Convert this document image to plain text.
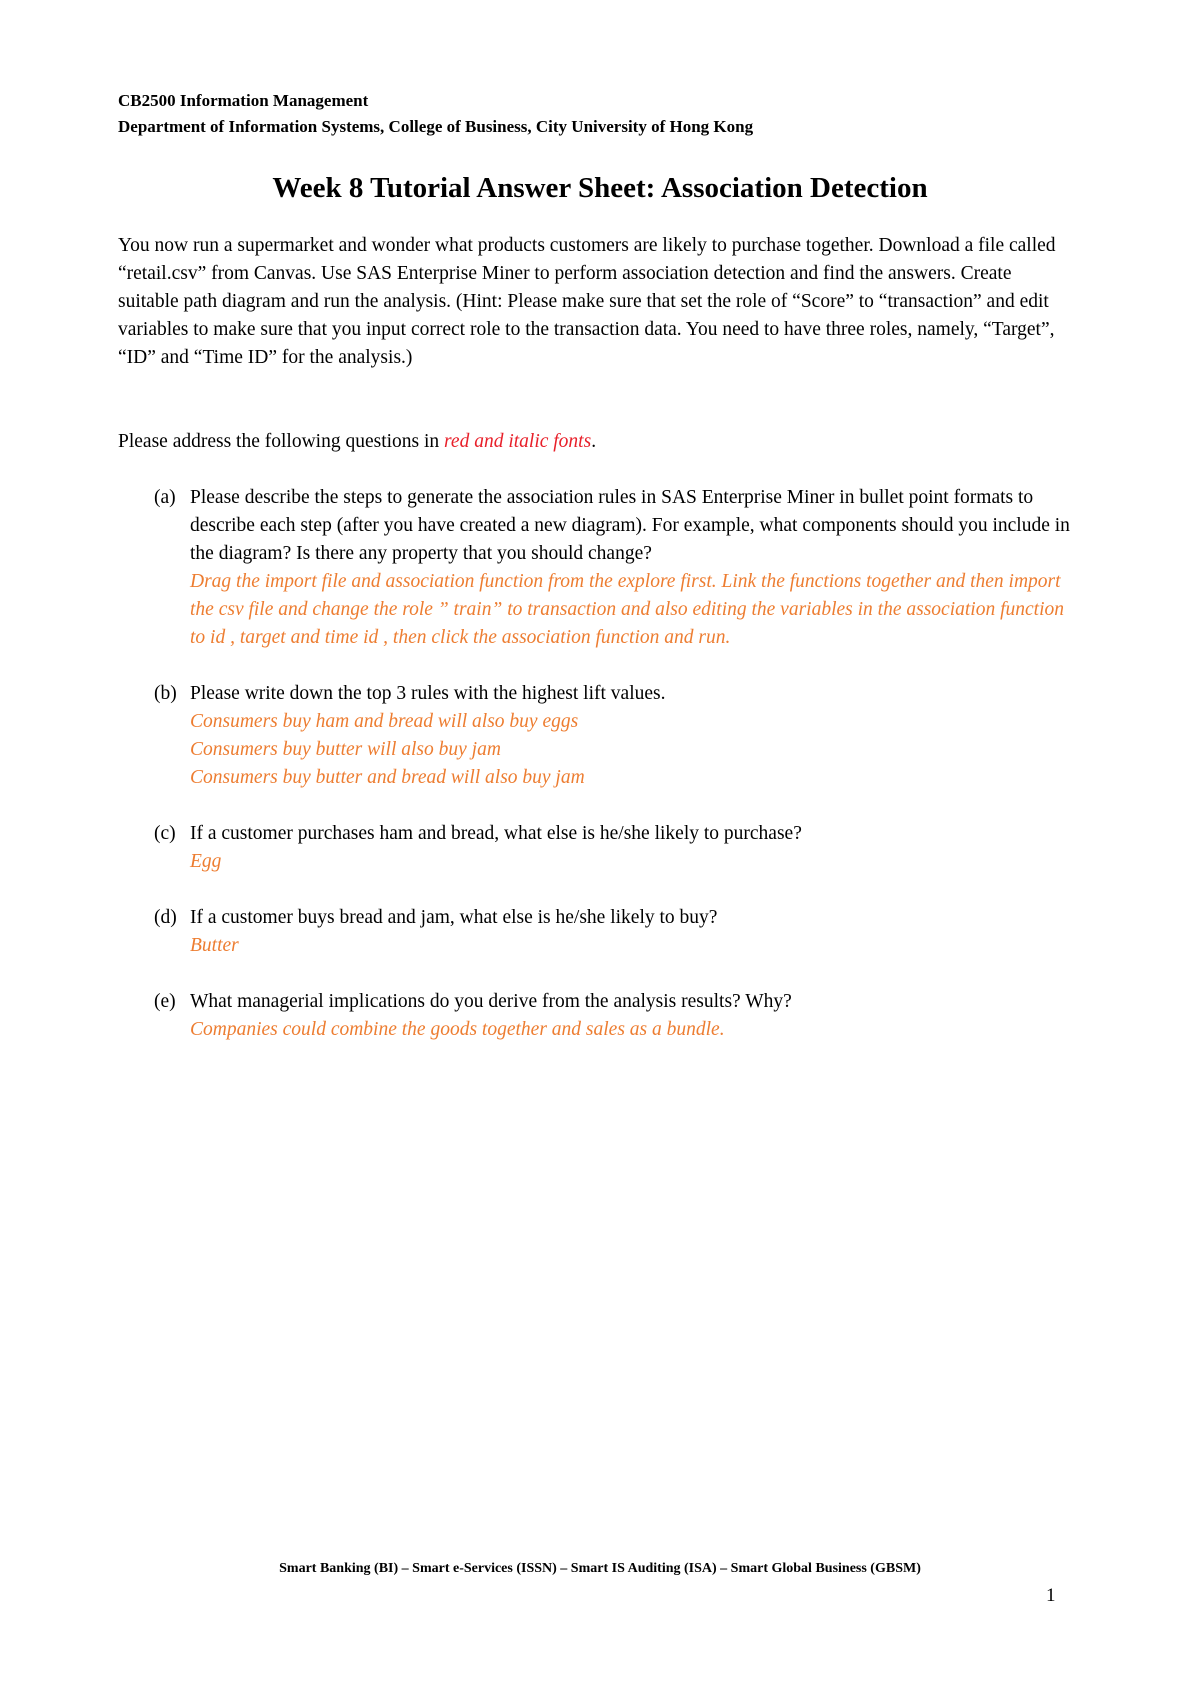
CB2500 Information Management
Department of Information Systems, College of Business, City University of Hong Kong
Week 8 Tutorial Answer Sheet: Association Detection

You now run a supermarket and wonder what products customers are likely to purchase together. Download a file called “retail.csv” from Canvas. Use SAS Enterprise Miner to perform association detection and find the answers. Create suitable path diagram and run the analysis. (Hint: Please make sure that set the role of “Score” to “transaction” and edit variables to make sure that you input correct role to the transaction data. You need to have three roles, namely, “Target”, “ID” and “Time ID” for the analysis.)

Please address the following questions in red and italic fonts.
(a) Please describe the steps to generate the association rules in SAS Enterprise Miner in bullet point formats to describe each step (after you have created a new diagram). For example, what components should you include in the diagram? Is there any property that you should change?
Drag the import file and association function from the explore first. Link the functions together and then import the csv file and change the role ” train” to transaction and also editing the variables in the association function to id , target and time id , then click the association function and run.
(b) Please write down the top 3 rules with the highest lift values.
Consumers buy ham and bread will also buy eggs
Consumers buy butter will also buy jam
Consumers buy butter and bread will also buy jam
(c) If a customer purchases ham and bread, what else is he/she likely to purchase?
Egg
(d) If a customer buys bread and jam, what else is he/she likely to buy?
Butter
(e) What managerial implications do you derive from the analysis results? Why?
Companies could combine the goods together and sales as a bundle.
Smart Banking (BI) – Smart e-Services (ISSN) – Smart IS Auditing (ISA) – Smart Global Business (GBSM)
1
